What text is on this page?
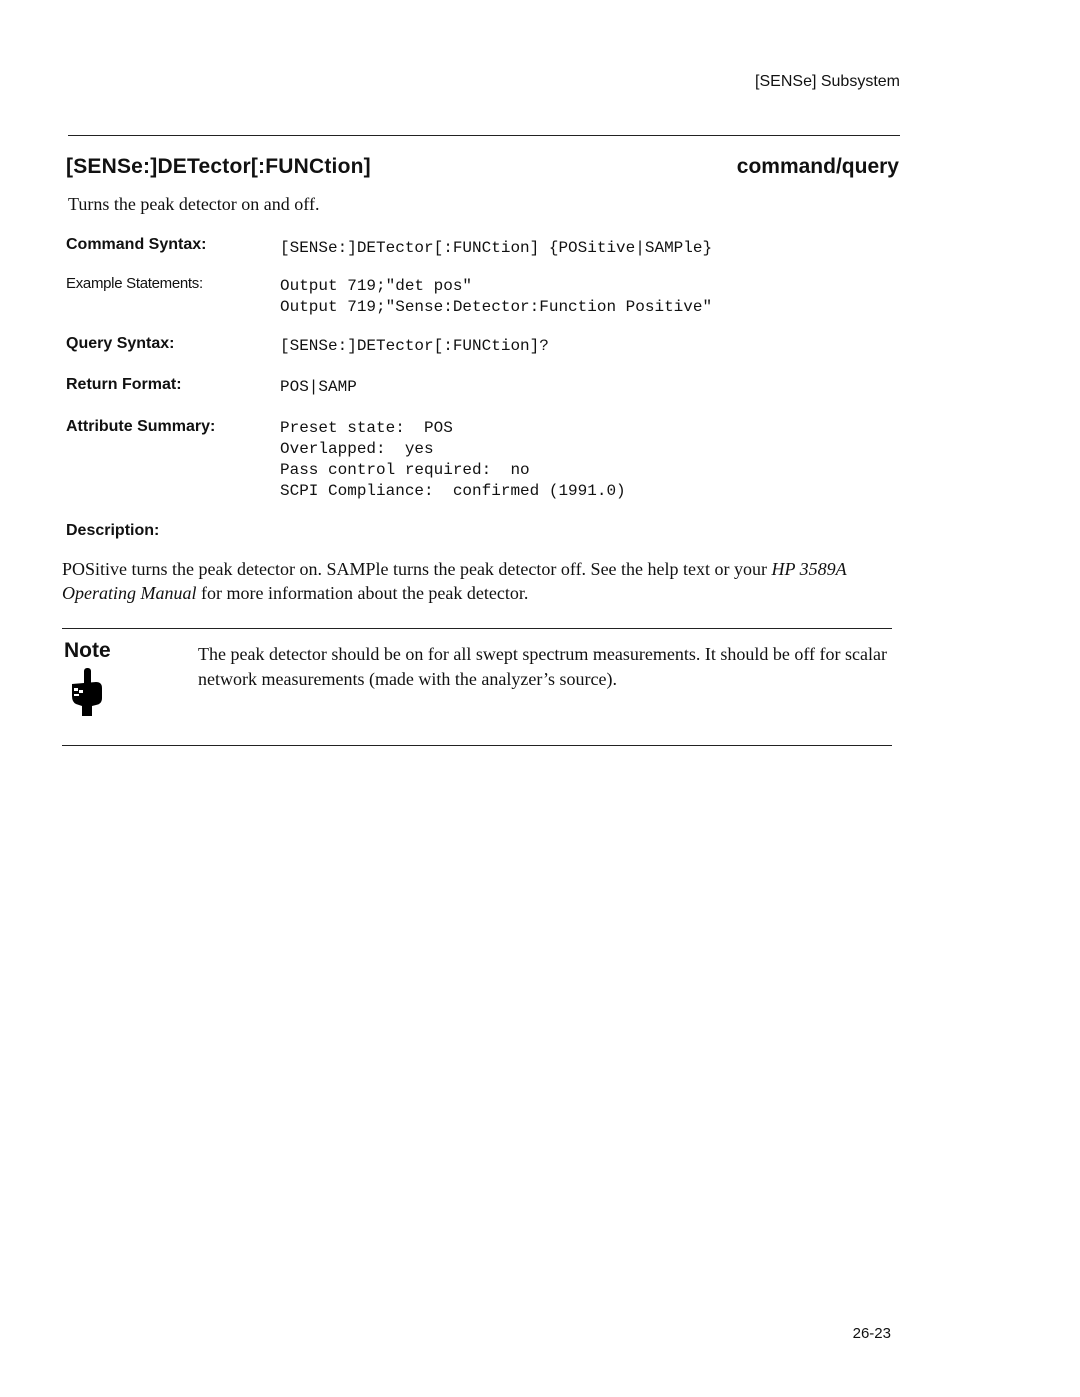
[SENSe] Subsystem
[SENSe:]DETector[:FUNCtion]	command/query
Turns the peak detector on and off.
Command Syntax:	[SENSe:]DETector[:FUNCtion] {POSitive|SAMPle}
Example Statements:	Output 719;"det pos"
Output 719;"Sense:Detector:Function Positive"
Query Syntax:	[SENSe:]DETector[:FUNCtion]?
Return Format:	POS|SAMP
Attribute Summary:	Preset state:  POS
Overlapped:  yes
Pass control required:  no
SCPI Compliance:  confirmed (1991.0)
Description:
POSitive turns the peak detector on. SAMPle turns the peak detector off. See the help text or your HP 3589A Operating Manual for more information about the peak detector.
Note	The peak detector should be on for all swept spectrum measurements. It should be off for scalar network measurements (made with the analyzer’s source).
26-23
